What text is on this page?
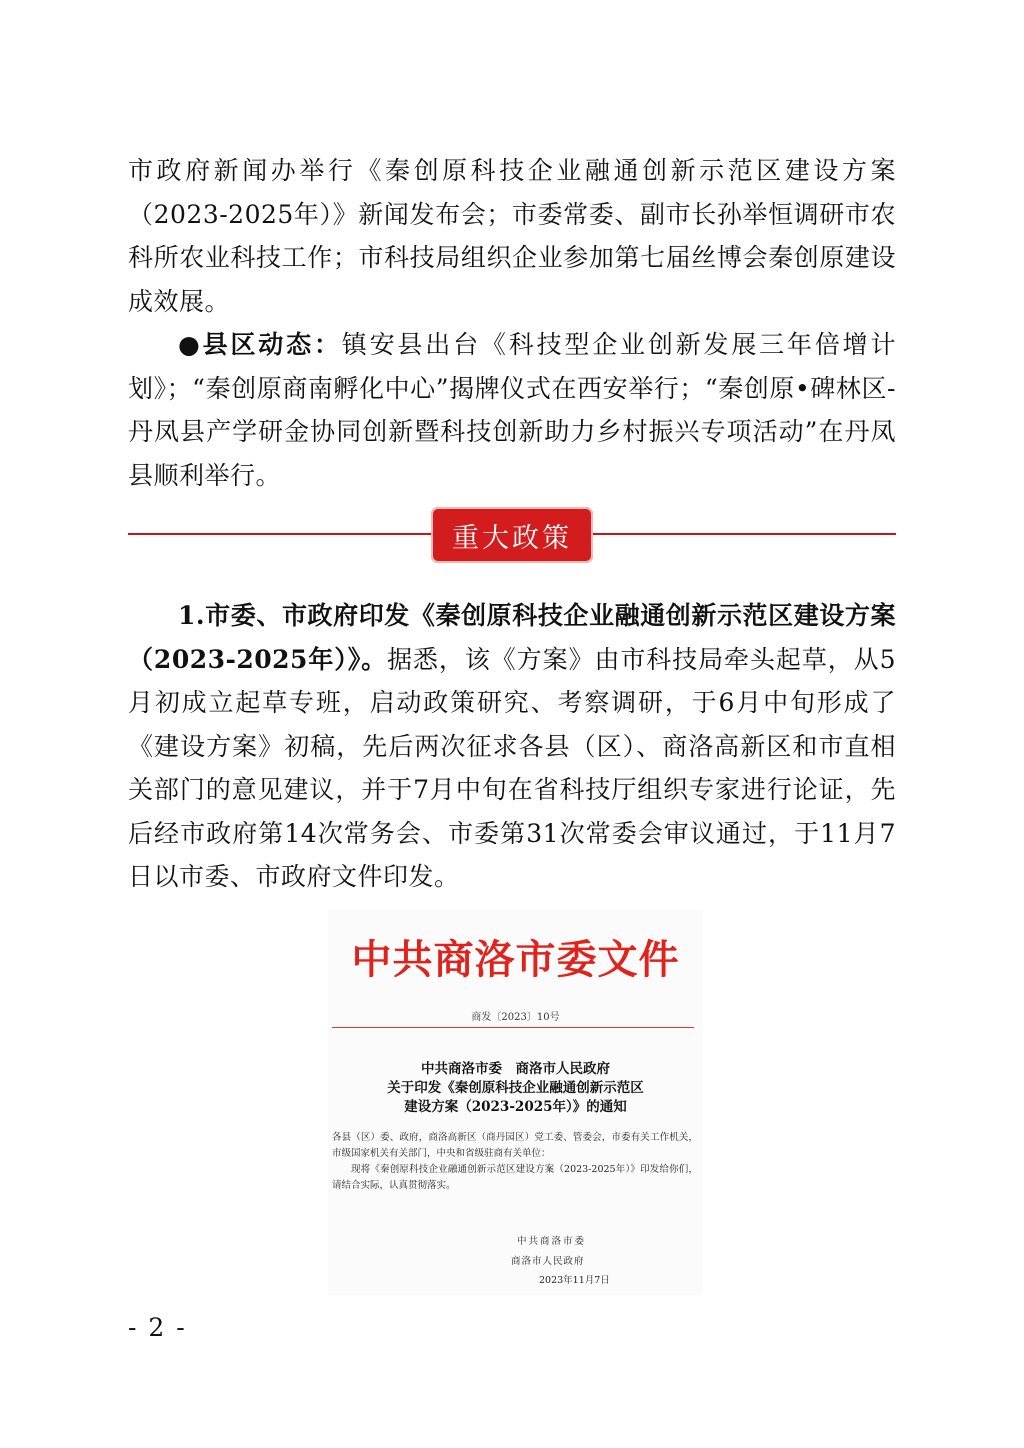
市政府新闻办举行《秦创原科技企业融通创新示范区建设方案（2023-2025年）》新闻发布会；市委常委、副市长孙举恒调研市农科所农业科技工作；市科技局组织企业参加第七届丝博会秦创原建设成效展。

●县区动态：镇安县出台《科技型企业创新发展三年倍增计划》；“秦创原商南孵化中心”揭牌仪式在西安举行；“秦创原•碑林区-丹凤县产学研金协同创新暨科技创新助力乡村振兴专项活动”在丹凤县顺利举行。

重大政策

1.市委、市政府印发《秦创原科技企业融通创新示范区建设方案（2023-2025年）》。据悉，该《方案》由市科技局牵头起草，从5月初成立起草专班，启动政策研究、考察调研，于6月中旬形成了《建设方案》初稿，先后两次征求各县（区）、商洛高新区和市直相关部门的意见建议，并于7月中旬在省科技厅组织专家进行论证，先后经市政府第14次常务会、市委第31次常委会审议通过，于11月7日以市委、市政府文件印发。

中共商洛市委文件
商发〔2023〕10号
中共商洛市委　商洛市人民政府
关于印发《秦创原科技企业融通创新示范区
建设方案（2023-2025年）》的通知

各县（区）委、政府，商洛高新区（商丹园区）党工委、管委会，市委有关工作机关，市级国家机关有关部门，中央和省级驻商有关单位：

现将《秦创原科技企业融通创新示范区建设方案（2023-2025年）》印发给你们，请结合实际，认真贯彻落实。

中共商洛市委
商洛市人民政府
2023年11月7日
- 2 -
